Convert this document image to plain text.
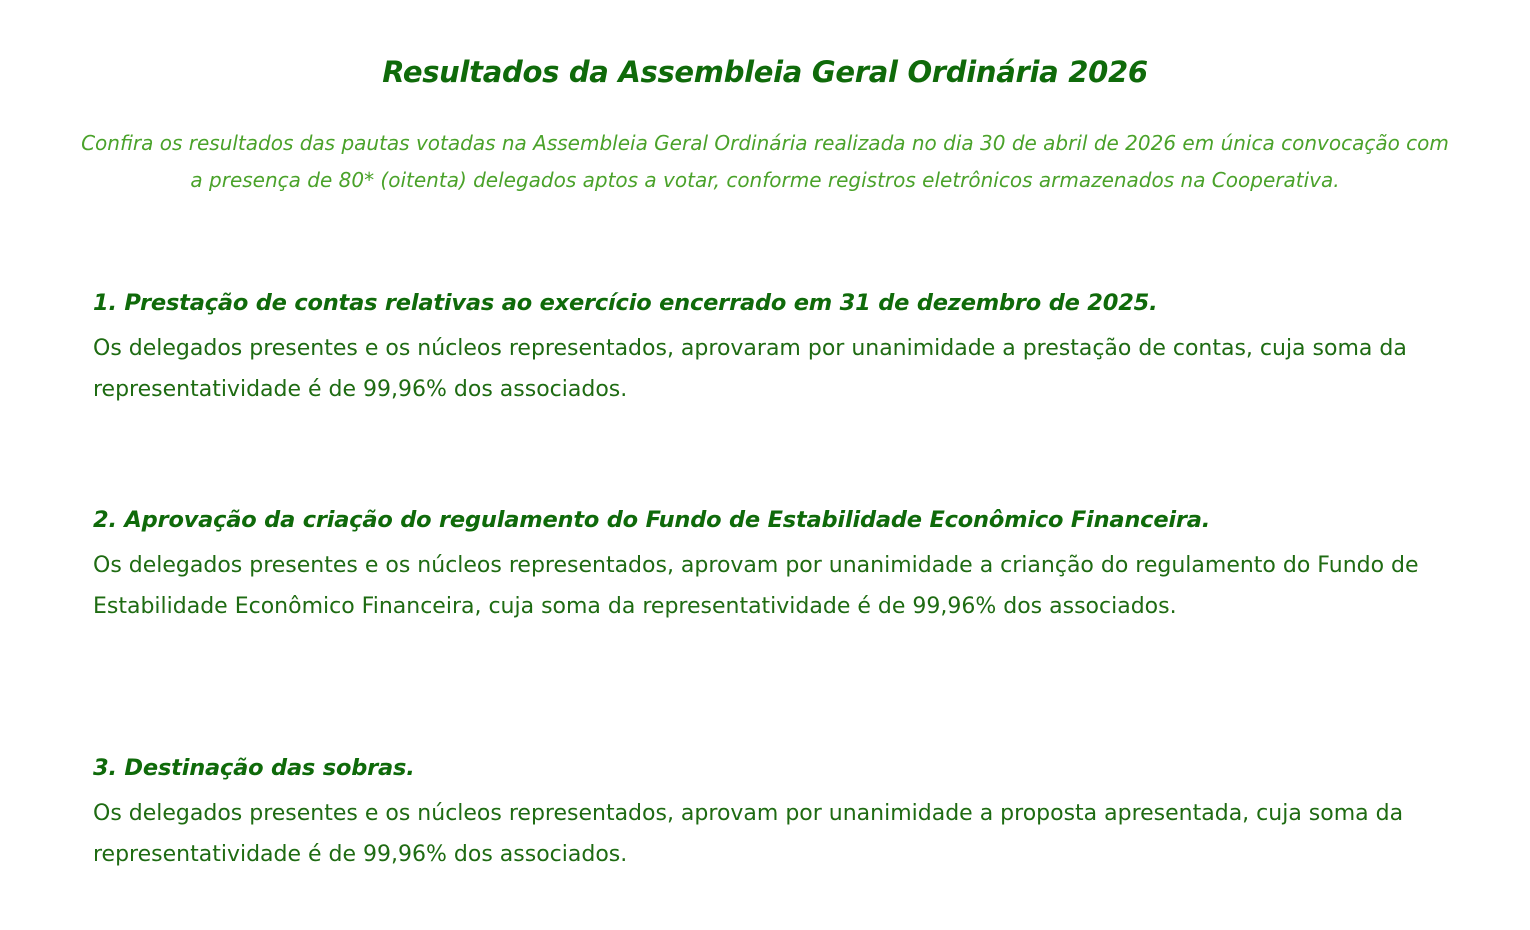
Resultados da Assembleia Geral Ordinária 2026

Confira os resultados das pautas votadas na Assembleia Geral Ordinária realizada no dia 30 de abril de 2026 em única convocação com a presença de 80* (oitenta) delegados aptos a votar, conforme registros eletrônicos armazenados na Cooperativa.

1. Prestação de contas relativas ao exercício encerrado em 31 de dezembro de 2025.

Os delegados presentes e os núcleos representados, aprovaram por unanimidade a prestação de contas, cuja soma da representatividade é de 99,96% dos associados.

2. Aprovação da criação do regulamento do Fundo de Estabilidade Econômico Financeira.

Os delegados presentes e os núcleos representados, aprovam por unanimidade a crianção do regulamento do Fundo de Estabilidade Econômico Financeira, cuja soma da representatividade é de 99,96% dos associados.

3. Destinação das sobras.

Os delegados presentes e os núcleos representados, aprovam por unanimidade a proposta apresentada, cuja soma da representatividade é de 99,96% dos associados.
